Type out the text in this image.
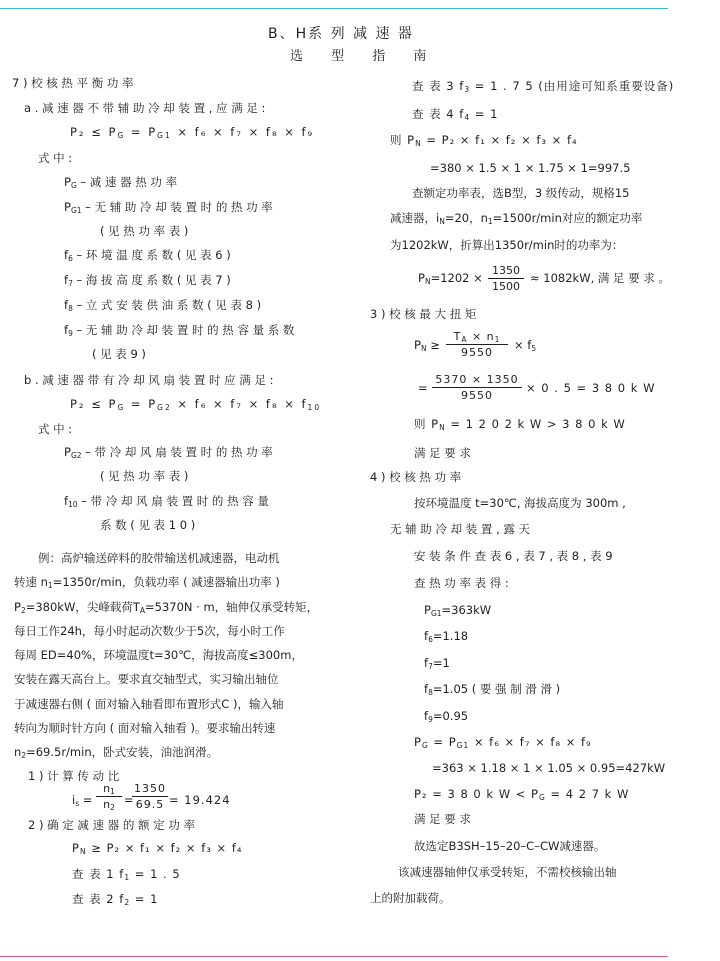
B、H系 列 减 速 器
选 型 指 南
7 ) 校 核 热 平 衡 功 率
a . 减 速 器 不 带 辅 助 冷 却 装 置 , 应 满 足 :
$P_2 \le P_G = P_{G1} \times f_6 \times f_7 \times f_8 \times f_9$
式 中 :
$P_G$ – 减 速 器 热 功 率
$P_{G1}$ – 无 辅 助 冷 却 装 置 时 的 热 功 率
( 见 热 功 率 表 )
$f_6$ – 环 境 温 度 系 数 ( 见 表 6 )
$f_7$ – 海 拔 高 度 系 数 ( 见 表 7 )
$f_8$ – 立 式 安 装 供 油 系 数 ( 见 表 8 )
$f_9$ – 无 辅 助 冷 却 装 置 时 的 热 容 量 系 数
( 见 表 9 )
b . 减 速 器 带 有 冷 却 风 扇 装 置 时 应 满 足 :
$P_2 \le P_G = P_{G2} \times f_6 \times f_7 \times f_8 \times f_{10}$
式 中 :
$P_{G2}$ – 带 冷 却 风 扇 装 置 时 的 热 功 率
( 见 热 功 率 表 )
$f_{10}$ – 带 冷 却 风 扇 装 置 时 的 热 容 量
系 数 ( 见 表 1 0 )
例：高炉输送碎料的胶带输送机减速器，电动机
转速 $n_1=1350r/\min$，负载功率 ( 减速器输出功率 )
$P_2=380kW$，尖峰载荷$T_A=5370N \cdot m$，轴伸仅承受转矩，
每日工作24h，每小时起动次数少于5次，每小时工作
每周 ED=40%，环境温度t=30℃，海拔高度≤300m，
安装在露天高台上。要求直交轴型式，实习输出轴位
于减速器右侧 ( 面对输入轴看即布置形式C )，输入轴
转向为顺时针方向 ( 面对输入轴看 )。要求输出转速
$n_2=69.5r/\min$，卧式安装，油池润滑。
1 ) 计 算 传 动 比
$i_s = \frac{n_1}{n_2}$ =
$\frac{1350}{69.5} = 19.424$
2 ) 确 定 减 速 器 的 额 定 功 率
$P_N \ge P_2 \times f_1 \times f_2 \times f_3 \times f_4$
查 表 1 $f_1 = 1$ . 5
查 表 2 $f_2 = 1$
查 表 3 $f_3 = 1$ . 7 5 (由用途可知系重要设备)
查 表 4 $f_4 = 1$
则 $P_N = P_2 \times f_1 \times f_2 \times f_3 \times f_4$
=380 × 1.5 × 1 × 1.75 × 1=997.5
查额定功率表，选B型，3 级传动，规格15
减速器，$i_N=20$，$n_1=1500r/\min$对应的额定功率
为1202kW，折算出1350r/min时的功率为：
$P_N=1202 \times \frac{1350}{1500} \approx 1082kW$, 满 足 要 求 。
3 ) 校 核 最 大 扭 矩
$P_N \ge \frac{T_A \times n_1}{9550} \times f_5$
= $\frac{5370 \times 1350}{9550} \times 0$ . 5 = 3 8 0 k W
则 $P_N = 1$ 2 0 2 k W > 3 8 0 k W
满 足 要 求
4 ) 校 核 热 功 率
按环境温度 t=30℃, 海拔高度为 300m ,
无 辅 助 冷 却 装 置 , 露 天
安 装 条 件 查 表 6 , 表 7 , 表 8 , 表 9
查 热 功 率 表 得 :
$P_{G1}=363kW$
$f_6=1.18$
$f_7=1$
$f_8=1.05$ ( 要 强 制 滑 滑 )
$f_9=0.95$
$P_G = P_{G1} \times f_6 \times f_7 \times f_8 \times f_9$
=363 × 1.18 × 1 × 1.05 × 0.95=427kW
P₂ = 3 8 0 k $W < P_G = 4$ 2 7 k W
满 足 要 求
故选定B3SH–15–20–C–CW减速器。
该减速器轴伸仅承受转矩，不需校核输出轴
上的附加载荷。
